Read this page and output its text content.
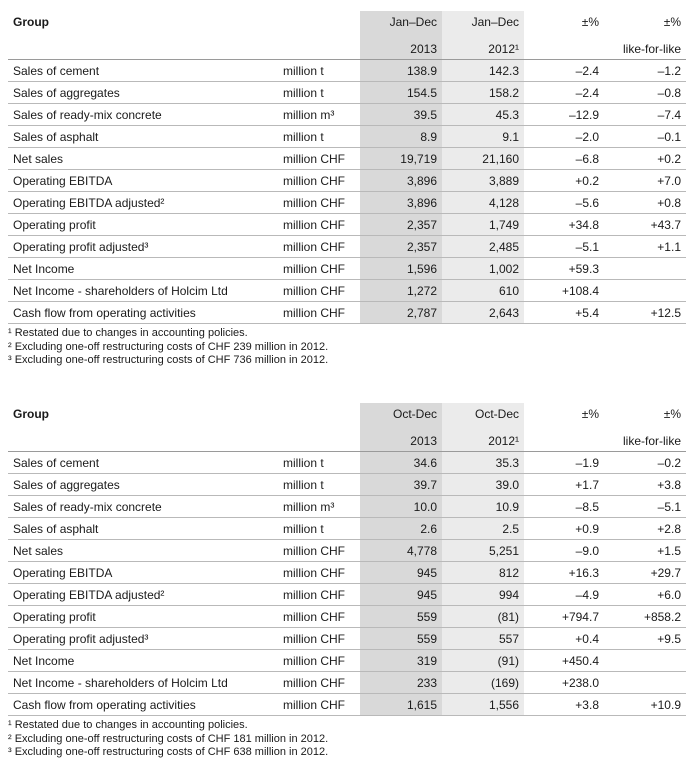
Group		Jan–Dec	Jan–Dec	±%	±%
		2013	2012¹		like-for-like
Sales of cement	million t	138.9	142.3	–2.4	–1.2
Sales of aggregates	million t	154.5	158.2	–2.4	–0.8
Sales of ready-mix concrete	million m³	39.5	45.3	–12.9	–7.4
Sales of asphalt	million t	8.9	9.1	–2.0	–0.1
Net sales	million CHF	19,719	21,160	–6.8	+0.2
Operating EBITDA	million CHF	3,896	3,889	+0.2	+7.0
Operating EBITDA adjusted²	million CHF	3,896	4,128	–5.6	+0.8
Operating profit	million CHF	2,357	1,749	+34.8	+43.7
Operating profit adjusted³	million CHF	2,357	2,485	–5.1	+1.1
Net Income	million CHF	1,596	1,002	+59.3	
Net Income - shareholders of Holcim Ltd	million CHF	1,272	610	+108.4	
Cash flow from operating activities	million CHF	2,787	2,643	+5.4	+12.5
¹ Restated due to changes in accounting policies.
² Excluding one-off restructuring costs of CHF 239 million in 2012.
³ Excluding one-off restructuring costs of CHF 736 million in 2012.
Group		Oct-Dec	Oct-Dec	±%	±%
		2013	2012¹		like-for-like
Sales of cement	million t	34.6	35.3	–1.9	–0.2
Sales of aggregates	million t	39.7	39.0	+1.7	+3.8
Sales of ready-mix concrete	million m³	10.0	10.9	–8.5	–5.1
Sales of asphalt	million t	2.6	2.5	+0.9	+2.8
Net sales	million CHF	4,778	5,251	–9.0	+1.5
Operating EBITDA	million CHF	945	812	+16.3	+29.7
Operating EBITDA adjusted²	million CHF	945	994	–4.9	+6.0
Operating profit	million CHF	559	(81)	+794.7	+858.2
Operating profit adjusted³	million CHF	559	557	+0.4	+9.5
Net Income	million CHF	319	(91)	+450.4	
Net Income - shareholders of Holcim Ltd	million CHF	233	(169)	+238.0	
Cash flow from operating activities	million CHF	1,615	1,556	+3.8	+10.9
¹ Restated due to changes in accounting policies.
² Excluding one-off restructuring costs of CHF 181 million in 2012.
³ Excluding one-off restructuring costs of CHF 638 million in 2012.
